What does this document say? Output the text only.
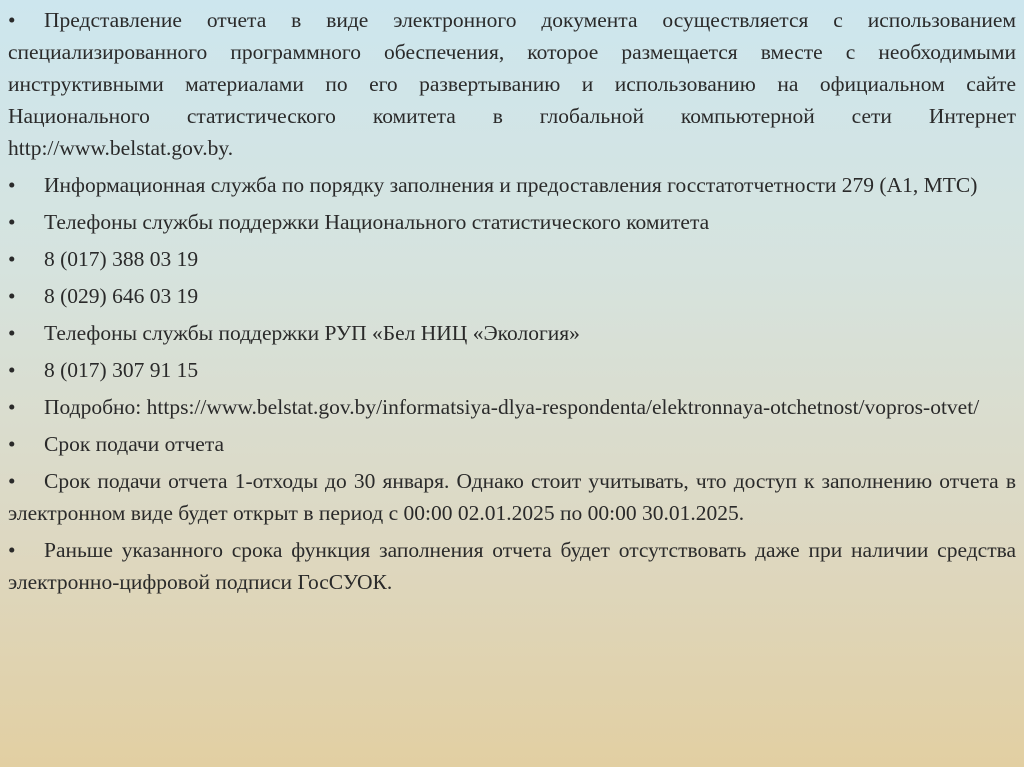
• Представление отчета в виде электронного документа осуществляется с использованием специализированного программного обеспечения, которое размещается вместе с необходимыми инструктивными материалами по его развертыванию и использованию на официальном сайте Национального статистического комитета в глобальной компьютерной сети Интернет http://www.belstat.gov.by.
• Информационная служба по порядку заполнения и предоставления госстатотчетности 279 (А1, МТС)
• Телефоны службы поддержки Национального статистического комитета
• 8 (017) 388 03 19
• 8 (029) 646 03 19
• Телефоны службы поддержки РУП «Бел НИЦ «Экология»
• 8 (017) 307 91 15
• Подробно: https://www.belstat.gov.by/informatsiya-dlya-respondenta/elektronnaya-otchetnost/vopros-otvet/
• Срок подачи отчета
• Срок подачи отчета 1-отходы до 30 января. Однако стоит учитывать, что доступ к заполнению отчета в электронном виде будет открыт в период с 00:00 02.01.2025 по 00:00 30.01.2025.
• Раньше указанного срока функция заполнения отчета будет отсутствовать даже при наличии средства электронно-цифровой подписи ГосСУОК.
